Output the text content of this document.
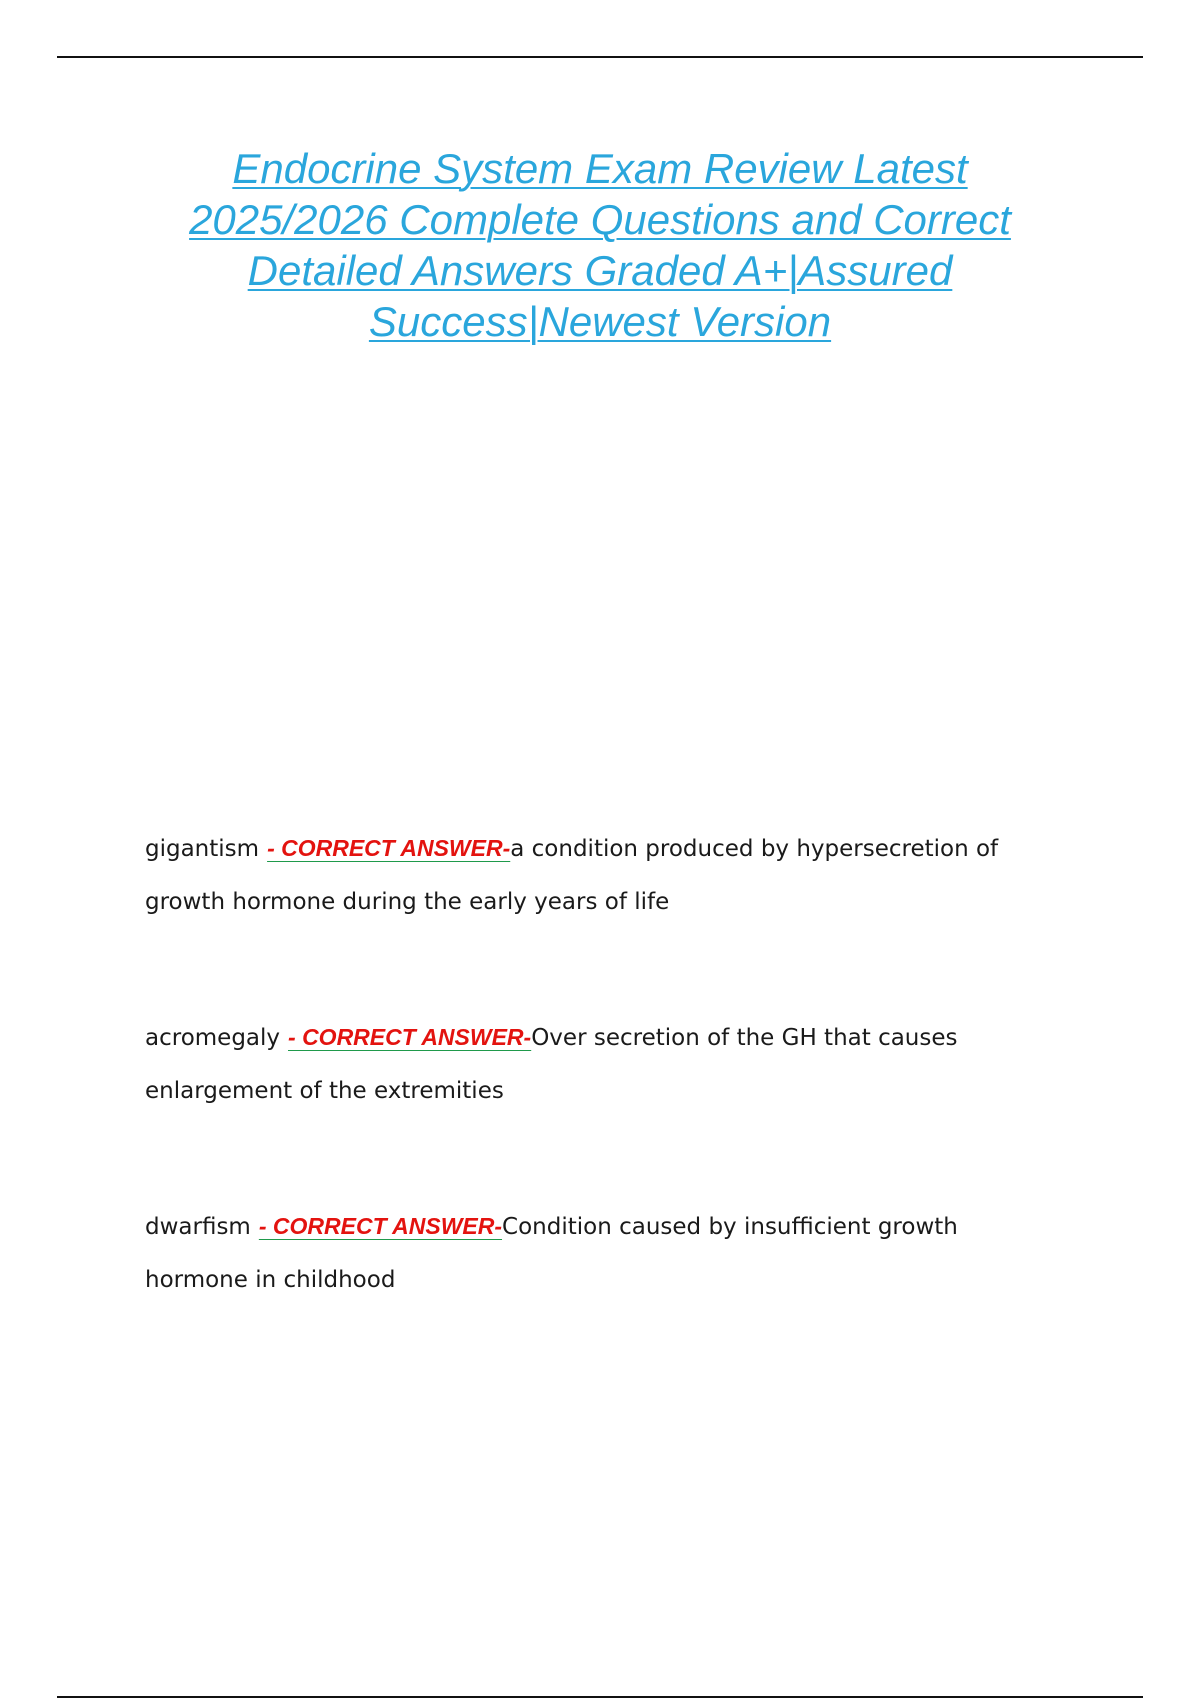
Endocrine System Exam Review Latest 2025/2026 Complete Questions and Correct Detailed Answers Graded A+|Assured Success|Newest Version

gigantism - CORRECT ANSWER-a condition produced by hypersecretion of growth hormone during the early years of life

acromegaly - CORRECT ANSWER-Over secretion of the GH that causes enlargement of the extremities

dwarfism - CORRECT ANSWER-Condition caused by insufficient growth hormone in childhood
